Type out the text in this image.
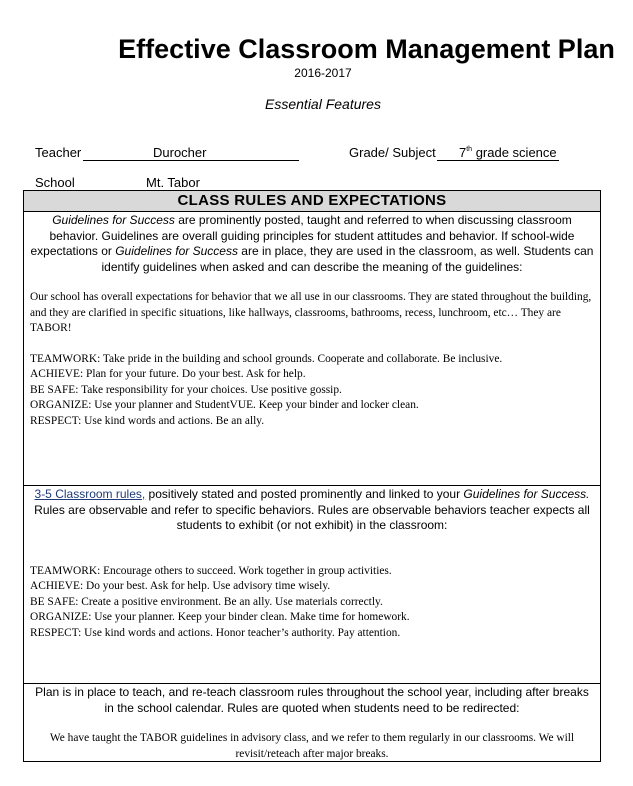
Effective Classroom Management Plan
2016-2017
Essential Features
Teacher	Durocher	Grade/ Subject 7th grade science
School	Mt. Tabor
CLASS RULES AND EXPECTATIONS
Guidelines for Success are prominently posted, taught and referred to when discussing classroom behavior. Guidelines are overall guiding principles for student attitudes and behavior. If school-wide expectations or Guidelines for Success are in place, they are used in the classroom, as well. Students can identify guidelines when asked and can describe the meaning of the guidelines:

Our school has overall expectations for behavior that we all use in our classrooms. They are stated throughout the building, and they are clarified in specific situations, like hallways, classrooms, bathrooms, recess, lunchroom, etc… They are TABOR!

TEAMWORK: Take pride in the building and school grounds. Cooperate and collaborate. Be inclusive.

ACHIEVE: Plan for your future. Do your best. Ask for help.

BE SAFE: Take responsibility for your choices. Use positive gossip.

ORGANIZE: Use your planner and StudentVUE. Keep your binder and locker clean.

RESPECT: Use kind words and actions. Be an ally.

3-5 Classroom rules, positively stated and posted prominently and linked to your Guidelines for Success. Rules are observable and refer to specific behaviors. Rules are observable behaviors teacher expects all students to exhibit (or not exhibit) in the classroom:

TEAMWORK: Encourage others to succeed. Work together in group activities.

ACHIEVE: Do your best. Ask for help. Use advisory time wisely.

BE SAFE: Create a positive environment. Be an ally. Use materials correctly.

ORGANIZE: Use your planner. Keep your binder clean. Make time for homework.

RESPECT: Use kind words and actions. Honor teacher’s authority. Pay attention.

Plan is in place to teach, and re-teach classroom rules throughout the school year, including after breaks in the school calendar. Rules are quoted when students need to be redirected:
We have taught the TABOR guidelines in advisory class, and we refer to them regularly in our classrooms. We will revisit/reteach after major breaks.
